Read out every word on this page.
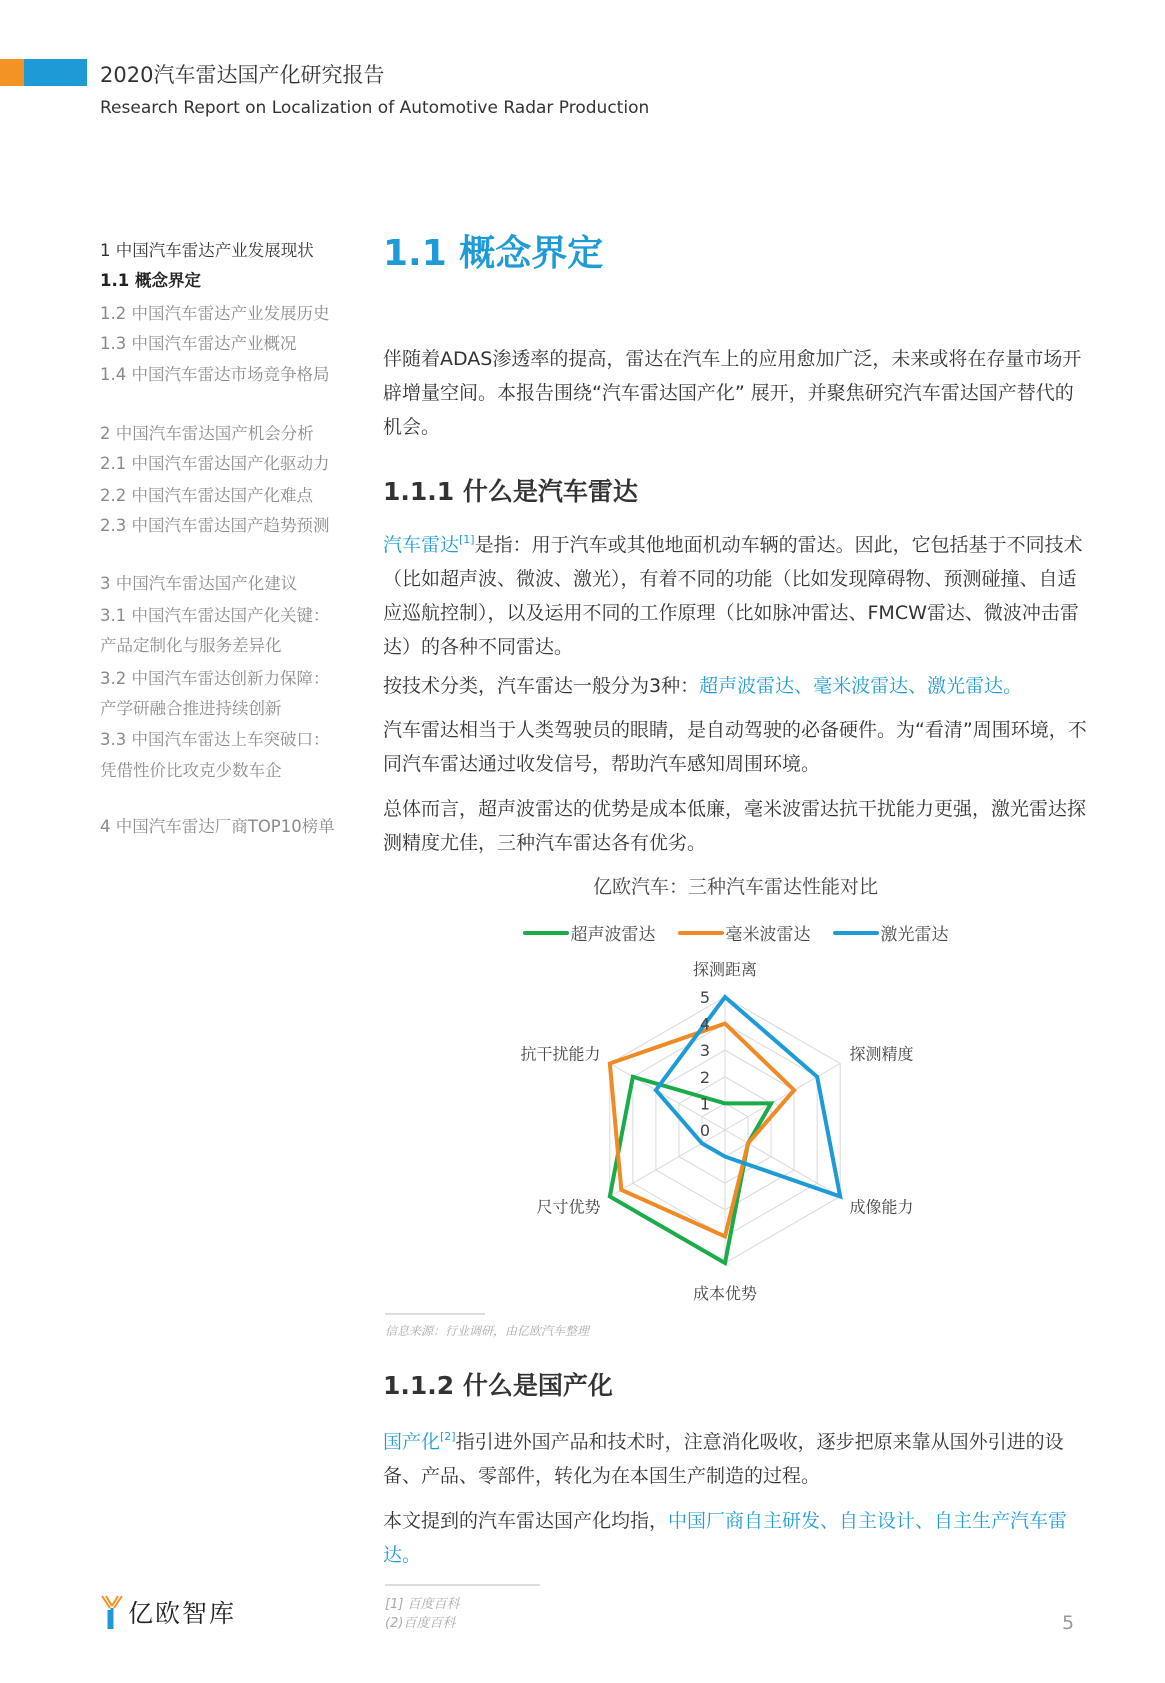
2020汽车雷达国产化研究报告
Research Report on Localization of Automotive Radar Production
1 中国汽车雷达产业发展现状
1.1 概念界定
1.2 中国汽车雷达产业发展历史
1.3 中国汽车雷达产业概况
1.4 中国汽车雷达市场竞争格局
2 中国汽车雷达国产机会分析
2.1 中国汽车雷达国产化驱动力
2.2 中国汽车雷达国产化难点
2.3 中国汽车雷达国产趋势预测
3 中国汽车雷达国产化建议
3.1 中国汽车雷达国产化关键：
产品定制化与服务差异化
3.2 中国汽车雷达创新力保障：
产学研融合推进持续创新
3.3 中国汽车雷达上车突破口：
凭借性价比攻克少数车企
4 中国汽车雷达厂商TOP10榜单
1.1 概念界定
伴随着ADAS渗透率的提高，雷达在汽车上的应用愈加广泛，未来或将在存量市场开辟增量空间。本报告围绕“汽车雷达国产化” 展开，并聚焦研究汽车雷达国产替代的机会。
1.1.1 什么是汽车雷达
汽车雷达[1]是指：用于汽车或其他地面机动车辆的雷达。因此，它包括基于不同技术（比如超声波、微波、激光），有着不同的功能（比如发现障碍物、预测碰撞、自适应巡航控制），以及运用不同的工作原理（比如脉冲雷达、FMCW雷达、微波冲击雷达）的各种不同雷达。
按技术分类，汽车雷达一般分为3种：超声波雷达、毫米波雷达、激光雷达。
汽车雷达相当于人类驾驶员的眼睛，是自动驾驶的必备硬件。为“看清”周围环境，不同汽车雷达通过收发信号，帮助汽车感知周围环境。
总体而言，超声波雷达的优势是成本低廉，毫米波雷达抗干扰能力更强，激光雷达探测精度尤佳，三种汽车雷达各有优劣。
亿欧汽车：三种汽车雷达性能对比
超声波雷达	毫米波雷达	激光雷达
0
1
2
3
4
5
探测距离
探测精度
成像能力
成本优势
尺寸优势
抗干扰能力
信息来源：行业调研，由亿欧汽车整理
1.1.2 什么是国产化
国产化[2]指引进外国产品和技术时，注意消化吸收，逐步把原来靠从国外引进的设备、产品、零部件，转化为在本国生产制造的过程。
本文提到的汽车雷达国产化均指，中国厂商自主研发、自主设计、自主生产汽车雷达。
[1] 百度百科
(2)百度百科
亿欧智库	5
